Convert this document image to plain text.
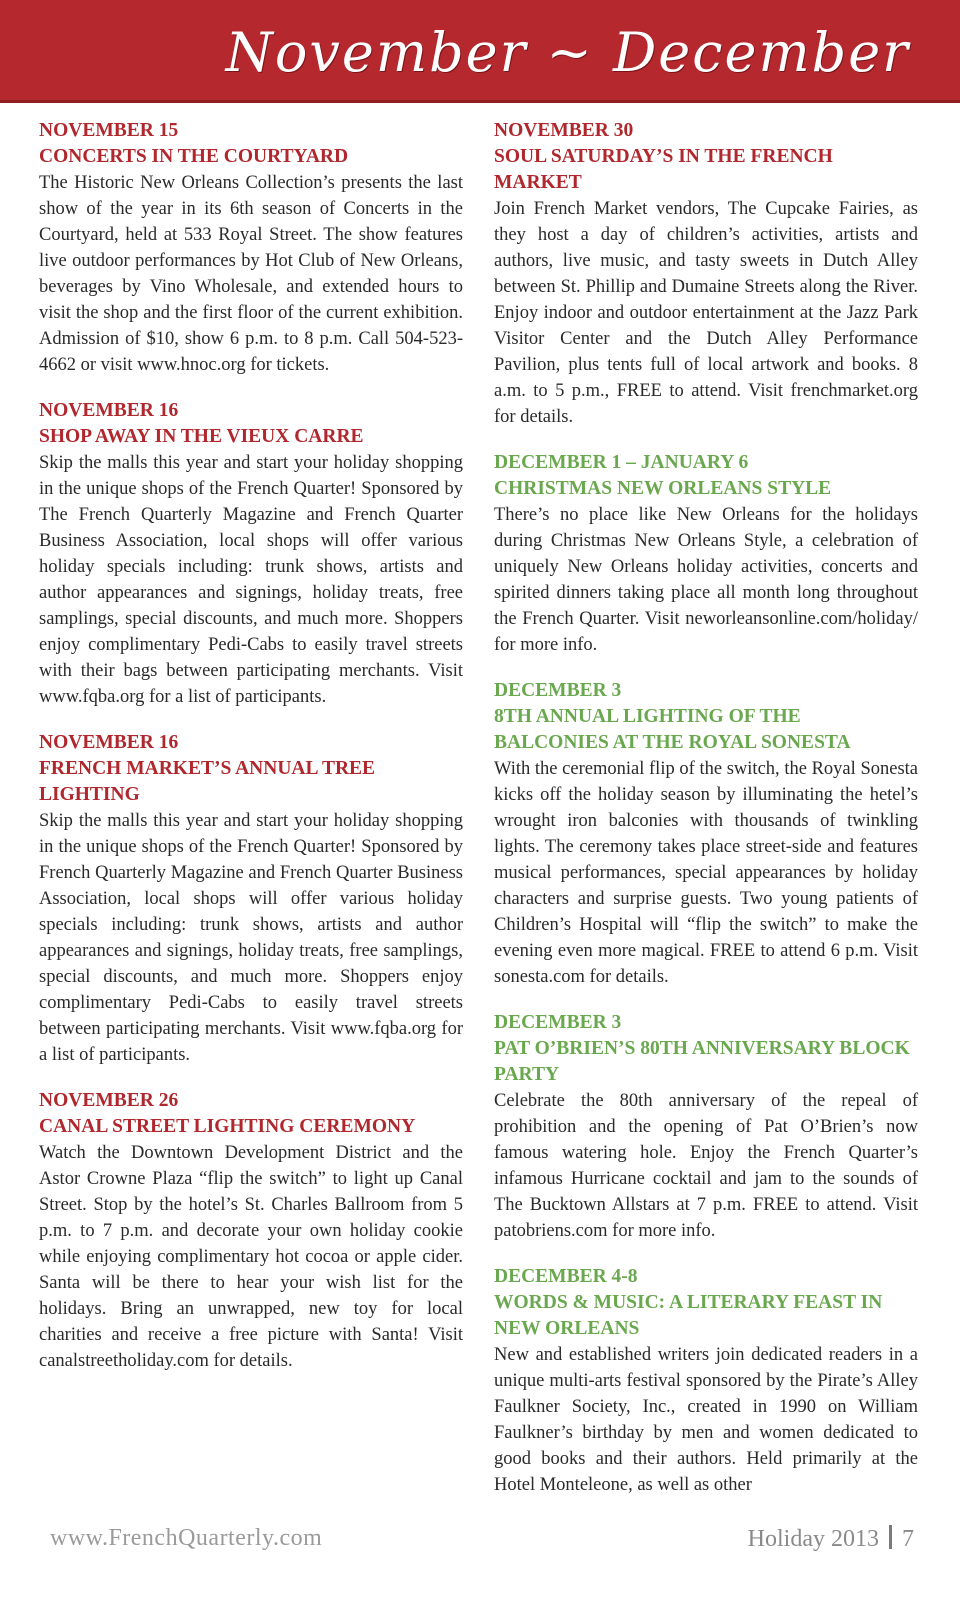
November ~ December
NOVEMBER 15
CONCERTS IN THE COURTYARD
The Historic New Orleans Collection’s presents the last show of the year in its 6th season of Concerts in the Courtyard, held at 533 Royal Street. The show features live outdoor performances by Hot Club of New Orleans, beverages by Vino Wholesale, and extended hours to visit the shop and the first floor of the current exhibition. Admission of $10, show 6 p.m. to 8 p.m. Call 504-523-4662 or visit www.hnoc.org for tickets.
NOVEMBER 16
SHOP AWAY IN THE VIEUX CARRE
Skip the malls this year and start your holiday shopping in the unique shops of the French Quarter! Sponsored by The French Quarterly Magazine and French Quarter Business Association, local shops will offer various holiday specials including: trunk shows, artists and author appearances and signings, holiday treats, free samplings, special discounts, and much more. Shoppers enjoy complimentary Pedi-Cabs to easily travel streets with their bags between participating merchants. Visit www.fqba.org for a list of participants.
NOVEMBER 16
FRENCH MARKET’S ANNUAL TREE LIGHTING
Skip the malls this year and start your holiday shopping in the unique shops of the French Quarter! Sponsored by French Quarterly Magazine and French Quarter Business Association, local shops will offer various holiday specials including: trunk shows, artists and author appearances and signings, holiday treats, free samplings, special discounts, and much more. Shoppers enjoy complimentary Pedi-Cabs to easily travel streets between participating merchants. Visit www.fqba.org for a list of participants.
NOVEMBER 26
CANAL STREET LIGHTING CEREMONY
Watch the Downtown Development District and the Astor Crowne Plaza “flip the switch” to light up Canal Street. Stop by the hotel’s St. Charles Ballroom from 5 p.m. to 7 p.m. and decorate your own holiday cookie while enjoying complimentary hot cocoa or apple cider. Santa will be there to hear your wish list for the holidays. Bring an unwrapped, new toy for local charities and receive a free picture with Santa! Visit canalstreetholiday.com for details.
NOVEMBER 30
SOUL SATURDAY’S IN THE FRENCH MARKET
Join French Market vendors, The Cupcake Fairies, as they host a day of children’s activities, artists and authors, live music, and tasty sweets in Dutch Alley between St. Phillip and Dumaine Streets along the River. Enjoy indoor and outdoor entertainment at the Jazz Park Visitor Center and the Dutch Alley Performance Pavilion, plus tents full of local artwork and books. 8 a.m. to 5 p.m., FREE to attend. Visit frenchmarket.org for details.
DECEMBER 1 – JANUARY 6
CHRISTMAS NEW ORLEANS STYLE
There’s no place like New Orleans for the holidays during Christmas New Orleans Style, a celebration of uniquely New Orleans holiday activities, concerts and spirited dinners taking place all month long throughout the French Quarter. Visit neworleansonline.com/holiday/ for more info.
DECEMBER 3
8TH ANNUAL LIGHTING OF THE BALCONIES AT THE ROYAL SONESTA
With the ceremonial flip of the switch, the Royal Sonesta kicks off the holiday season by illuminating the hetel’s wrought iron balconies with thousands of twinkling lights. The ceremony takes place street-side and features musical performances, special appearances by holiday characters and surprise guests. Two young patients of Children’s Hospital will “flip the switch” to make the evening even more magical. FREE to attend 6 p.m. Visit sonesta.com for details.
DECEMBER 3
PAT O’BRIEN’S 80TH ANNIVERSARY BLOCK PARTY
Celebrate the 80th anniversary of the repeal of prohibition and the opening of Pat O’Brien’s now famous watering hole. Enjoy the French Quarter’s infamous Hurricane cocktail and jam to the sounds of The Bucktown Allstars at 7 p.m. FREE to attend. Visit patobriens.com for more info.
DECEMBER 4-8
WORDS & MUSIC: A LITERARY FEAST IN NEW ORLEANS
New and established writers join dedicated readers in a unique multi-arts festival sponsored by the Pirate’s Alley Faulkner Society, Inc., created in 1990 on William Faulkner’s birthday by men and women dedicated to good books and their authors. Held primarily at the Hotel Monteleone, as well as other
www.FrenchQuarterly.com	Holiday 2013 7
